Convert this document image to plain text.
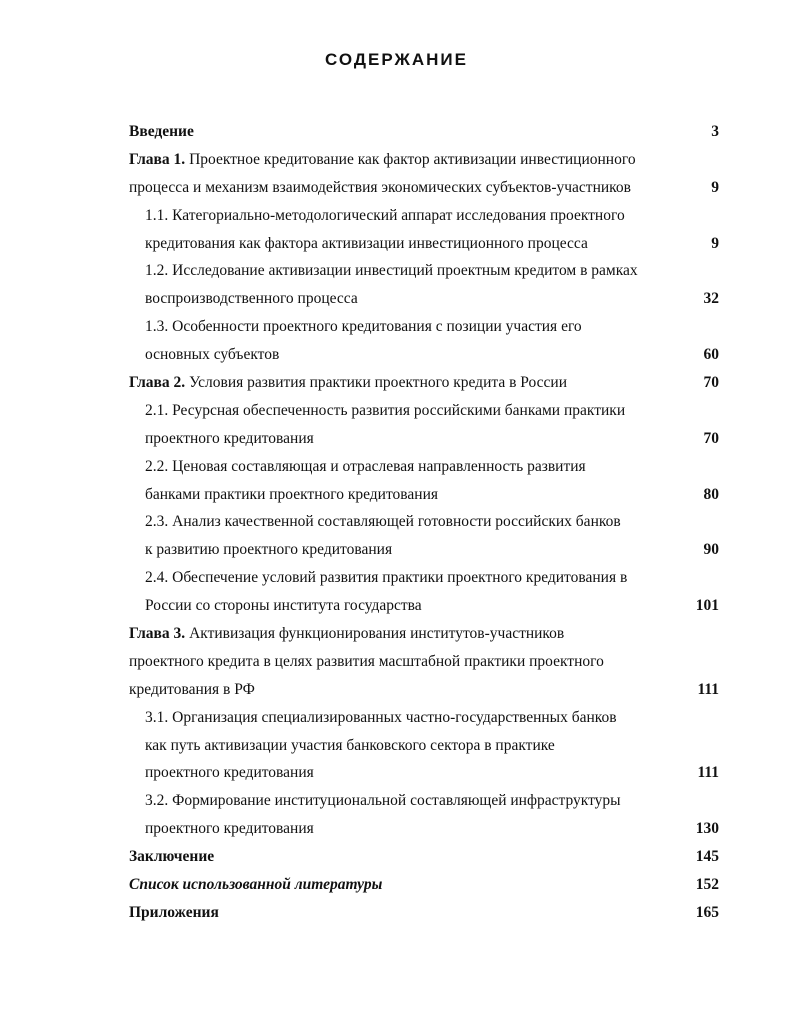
СОДЕРЖАНИЕ
Введение	3
Глава 1. Проектное кредитование как фактор активизации инвестиционного
процесса и механизм взаимодействия экономических субъектов-участников	9
1.1. Категориально-методологический аппарат исследования проектного
кредитования как фактора активизации инвестиционного процесса	9
1.2. Исследование активизации инвестиций проектным кредитом в рамках
воспроизводственного процесса	32
1.3. Особенности проектного кредитования с позиции участия его
основных субъектов	60
Глава 2. Условия развития практики проектного кредита в России	70
2.1. Ресурсная обеспеченность развития российскими банками практики
проектного кредитования	70
2.2. Ценовая составляющая и отраслевая направленность развития
банками практики проектного кредитования	80
2.3. Анализ качественной составляющей готовности российских банков
к развитию проектного кредитования	90
2.4. Обеспечение условий развития практики проектного кредитования в
России со стороны института государства	101
Глава 3. Активизация функционирования институтов-участников
проектного кредита в целях развития масштабной практики проектного
кредитования в РФ	111
3.1. Организация специализированных частно-государственных банков
как путь активизации участия банковского сектора в практике
проектного кредитования	111
3.2. Формирование институциональной составляющей инфраструктуры
проектного кредитования	130
Заключение	145
Список использованной литературы	152
Приложения	165
